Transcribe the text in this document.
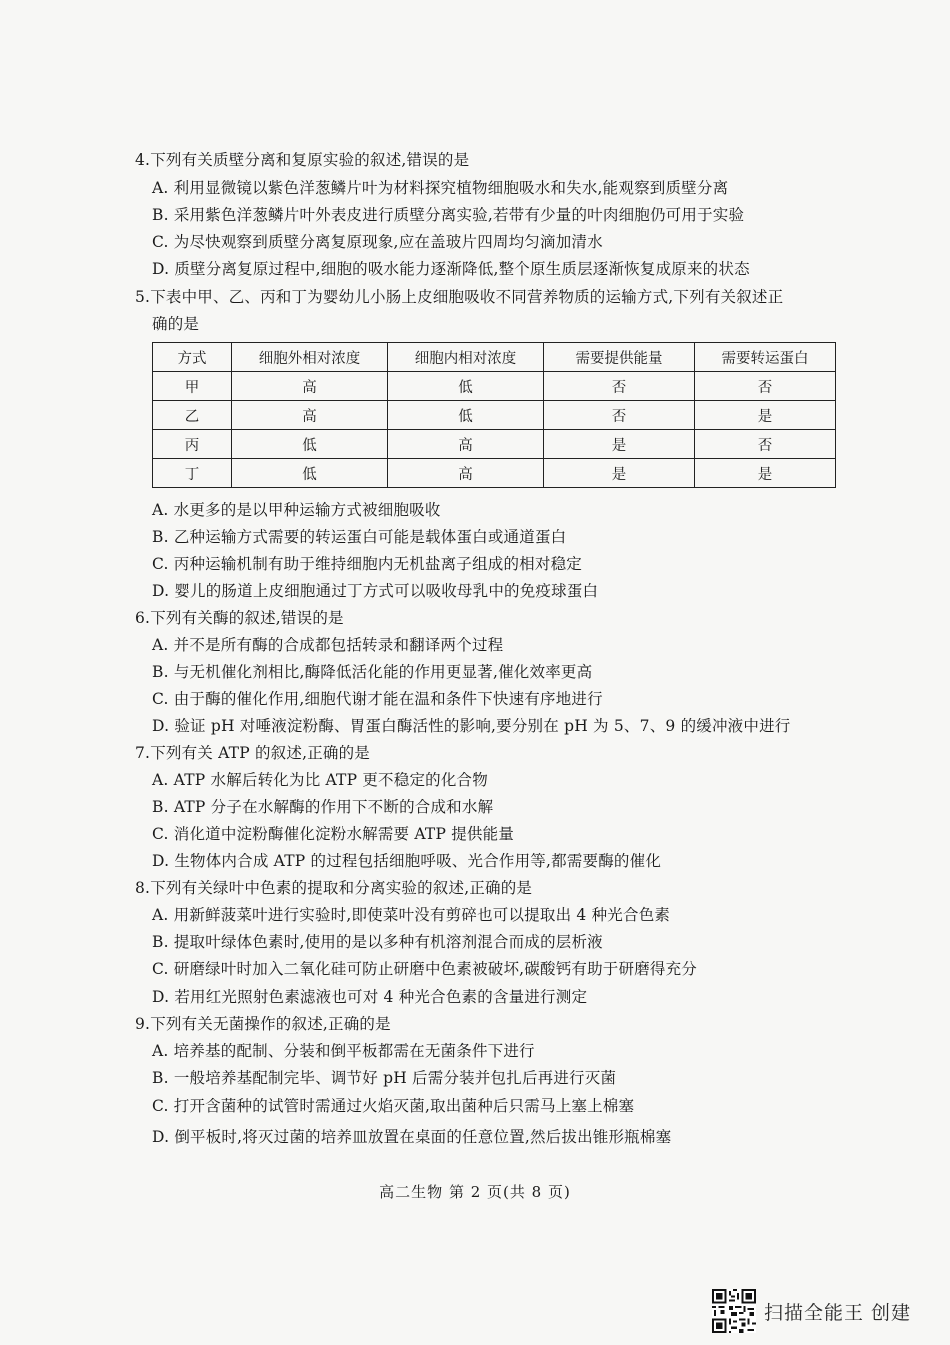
4.下列有关质壁分离和复原实验的叙述,错误的是
A. 利用显微镜以紫色洋葱鳞片叶为材料探究植物细胞吸水和失水,能观察到质壁分离
B. 采用紫色洋葱鳞片叶外表皮进行质壁分离实验,若带有少量的叶肉细胞仍可用于实验
C. 为尽快观察到质壁分离复原现象,应在盖玻片四周均匀滴加清水
D. 质壁分离复原过程中,细胞的吸水能力逐渐降低,整个原生质层逐渐恢复成原来的状态
5.下表中甲、乙、丙和丁为婴幼儿小肠上皮细胞吸收不同营养物质的运输方式,下列有关叙述正
确的是
方式	细胞外相对浓度	细胞内相对浓度	需要提供能量	需要转运蛋白
甲	高	低	否	否
乙	高	低	否	是
丙	低	高	是	否
丁	低	高	是	是
A. 水更多的是以甲种运输方式被细胞吸收
B. 乙种运输方式需要的转运蛋白可能是载体蛋白或通道蛋白
C. 丙种运输机制有助于维持细胞内无机盐离子组成的相对稳定
D. 婴儿的肠道上皮细胞通过丁方式可以吸收母乳中的免疫球蛋白
6.下列有关酶的叙述,错误的是
A. 并不是所有酶的合成都包括转录和翻译两个过程
B. 与无机催化剂相比,酶降低活化能的作用更显著,催化效率更高
C. 由于酶的催化作用,细胞代谢才能在温和条件下快速有序地进行
D. 验证 pH 对唾液淀粉酶、胃蛋白酶活性的影响,要分别在 pH 为 5、7、9 的缓冲液中进行
7.下列有关 ATP 的叙述,正确的是
A. ATP 水解后转化为比 ATP 更不稳定的化合物
B. ATP 分子在水解酶的作用下不断的合成和水解
C. 消化道中淀粉酶催化淀粉水解需要 ATP 提供能量
D. 生物体内合成 ATP 的过程包括细胞呼吸、光合作用等,都需要酶的催化
8.下列有关绿叶中色素的提取和分离实验的叙述,正确的是
A. 用新鲜菠菜叶进行实验时,即使菜叶没有剪碎也可以提取出 4 种光合色素
B. 提取叶绿体色素时,使用的是以多种有机溶剂混合而成的层析液
C. 研磨绿叶时加入二氧化硅可防止研磨中色素被破坏,碳酸钙有助于研磨得充分
D. 若用红光照射色素滤液也可对 4 种光合色素的含量进行测定
9.下列有关无菌操作的叙述,正确的是
A. 培养基的配制、分装和倒平板都需在无菌条件下进行
B. 一般培养基配制完毕、调节好 pH 后需分装并包扎后再进行灭菌
C. 打开含菌种的试管时需通过火焰灭菌,取出菌种后只需马上塞上棉塞
D. 倒平板时,将灭过菌的培养皿放置在桌面的任意位置,然后拔出锥形瓶棉塞
高二生物 第 2 页(共 8 页)
扫描全能王 创建
